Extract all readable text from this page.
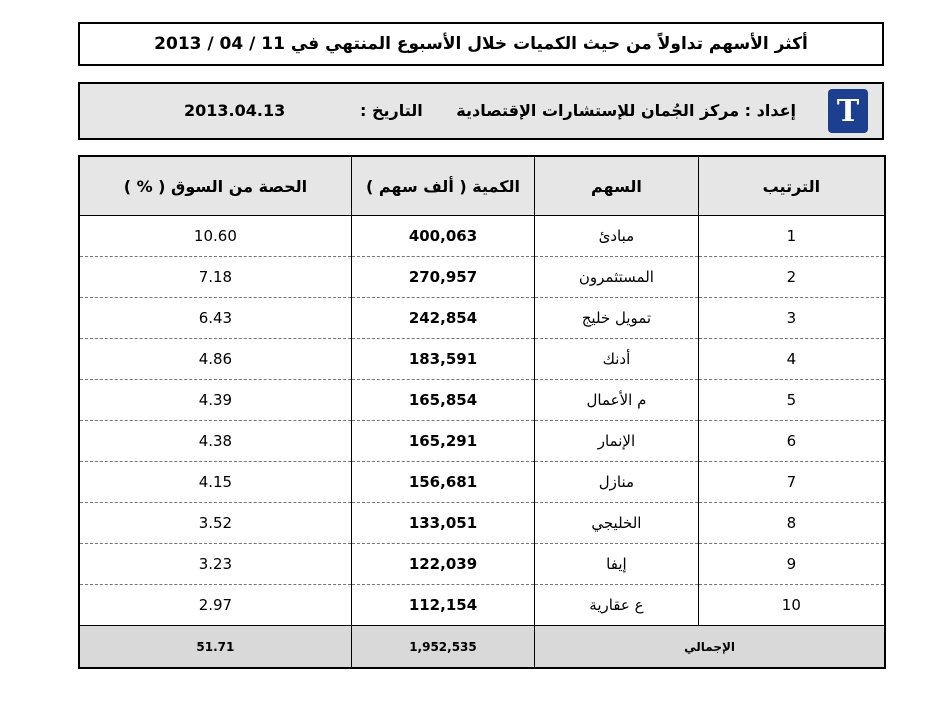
أكثر الأسهم تداولاً من حيث الكميات خلال الأسبوع المنتهي في 11 / 04 / 2013
T
إعداد : مركز الجُمان للإستشارات الإقتصادية
التاريخ :
2013.04.13
الحصة من السوق ( % )	الكمية ( ألف سهم )	السهم	الترتيب
10.60	400,063	مبادئ	1
7.18	270,957	المستثمرون	2
6.43	242,854	تمويل خليج	3
4.86	183,591	أدنك	4
4.39	165,854	م الأعمال	5
4.38	165,291	الإنمار	6
4.15	156,681	منازل	7
3.52	133,051	الخليجي	8
3.23	122,039	إيفا	9
2.97	112,154	ع عقارية	10
51.71	1,952,535	الإجمالي	
